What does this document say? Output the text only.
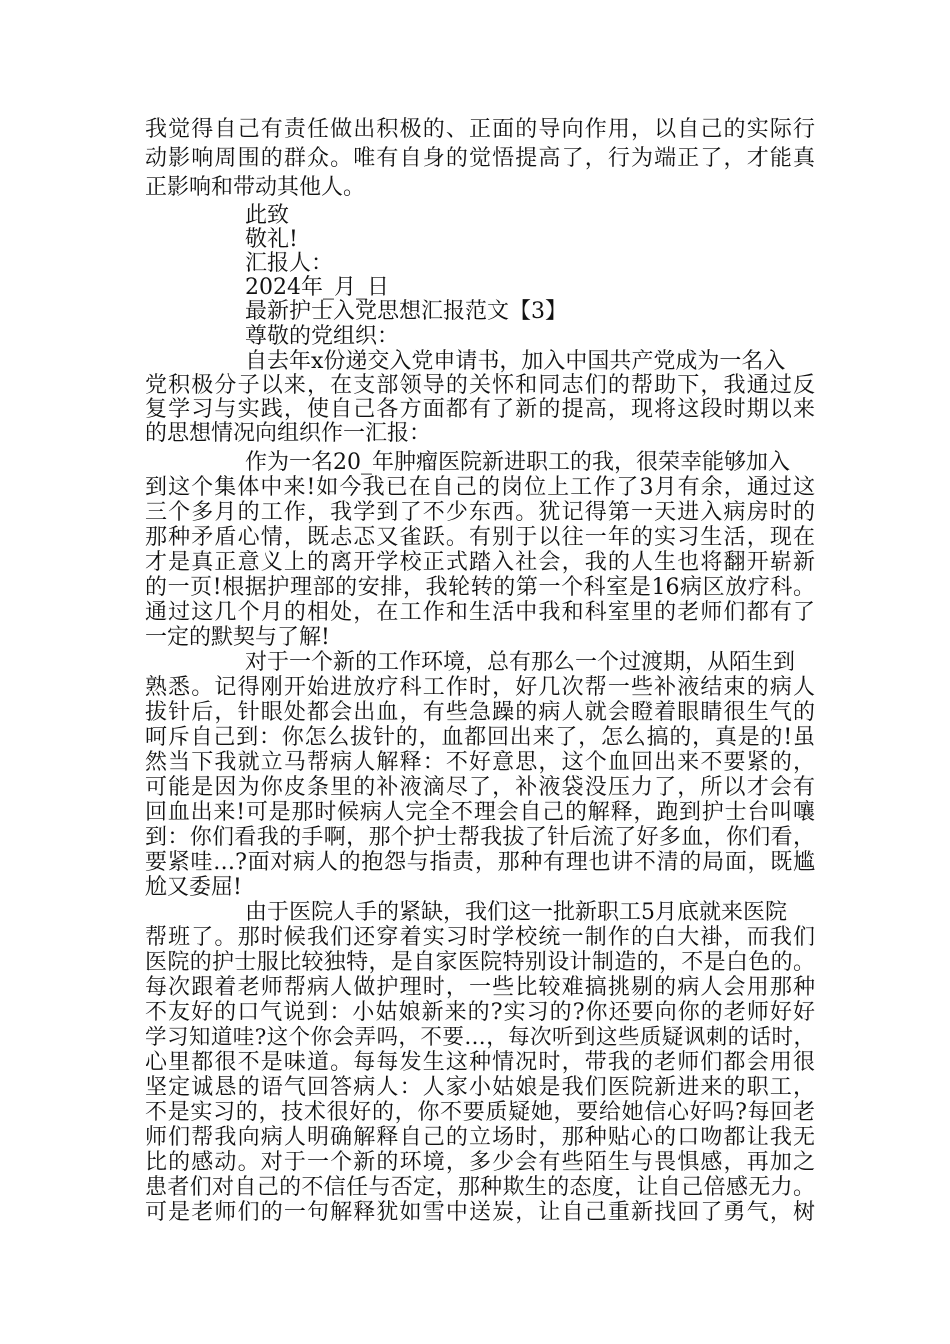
我觉得自己有责任做出积极的、正面的导向作用，以自己的实际行
动影响周围的群众。唯有自身的觉悟提高了，行为端正了，才能真
正影响和带动其他人。
此致
敬礼!
汇报人：
2024年_月_日
最新护士入党思想汇报范文【3】
尊敬的党组织：
自去年x份递交入党申请书，加入中国共产党成为一名入
党积极分子以来，在支部领导的关怀和同志们的帮助下，我通过反
复学习与实践，使自己各方面都有了新的提高，现将这段时期以来
的思想情况向组织作一汇报：
作为一名20_年肿瘤医院新进职工的我，很荣幸能够加入
到这个集体中来!如今我已在自己的岗位上工作了3月有余，通过这
三个多月的工作，我学到了不少东西。犹记得第一天进入病房时的
那种矛盾心情，既忐忑又雀跃。有别于以往一年的实习生活，现在
才是真正意义上的离开学校正式踏入社会，我的人生也将翻开崭新
的一页!根据护理部的安排，我轮转的第一个科室是16病区放疗科。
通过这几个月的相处，在工作和生活中我和科室里的老师们都有了
一定的默契与了解!
对于一个新的工作环境，总有那么一个过渡期，从陌生到
熟悉。记得刚开始进放疗科工作时，好几次帮一些补液结束的病人
拔针后，针眼处都会出血，有些急躁的病人就会瞪着眼睛很生气的
呵斥自己到：你怎么拔针的，血都回出来了，怎么搞的，真是的!虽
然当下我就立马帮病人解释：不好意思，这个血回出来不要紧的，
可能是因为你皮条里的补液滴尽了，补液袋没压力了，所以才会有
回血出来!可是那时候病人完全不理会自己的解释，跑到护士台叫嚷
到：你们看我的手啊，那个护士帮我拔了针后流了好多血，你们看，
要紧哇…?面对病人的抱怨与指责，那种有理也讲不清的局面，既尴
尬又委屈!
由于医院人手的紧缺，我们这一批新职工5月底就来医院
帮班了。那时候我们还穿着实习时学校统一制作的白大褂，而我们
医院的护士服比较独特，是自家医院特别设计制造的，不是白色的。
每次跟着老师帮病人做护理时，一些比较难搞挑剔的病人会用那种
不友好的口气说到：小姑娘新来的?实习的?你还要向你的老师好好
学习知道哇?这个你会弄吗，不要…，每次听到这些质疑讽刺的话时，
心里都很不是味道。每每发生这种情况时，带我的老师们都会用很
坚定诚恳的语气回答病人：人家小姑娘是我们医院新进来的职工，
不是实习的，技术很好的，你不要质疑她，要给她信心好吗?每回老
师们帮我向病人明确解释自己的立场时，那种贴心的口吻都让我无
比的感动。对于一个新的环境，多少会有些陌生与畏惧感，再加之
患者们对自己的不信任与否定，那种欺生的态度，让自己倍感无力。
可是老师们的一句解释犹如雪中送炭，让自己重新找回了勇气，树
